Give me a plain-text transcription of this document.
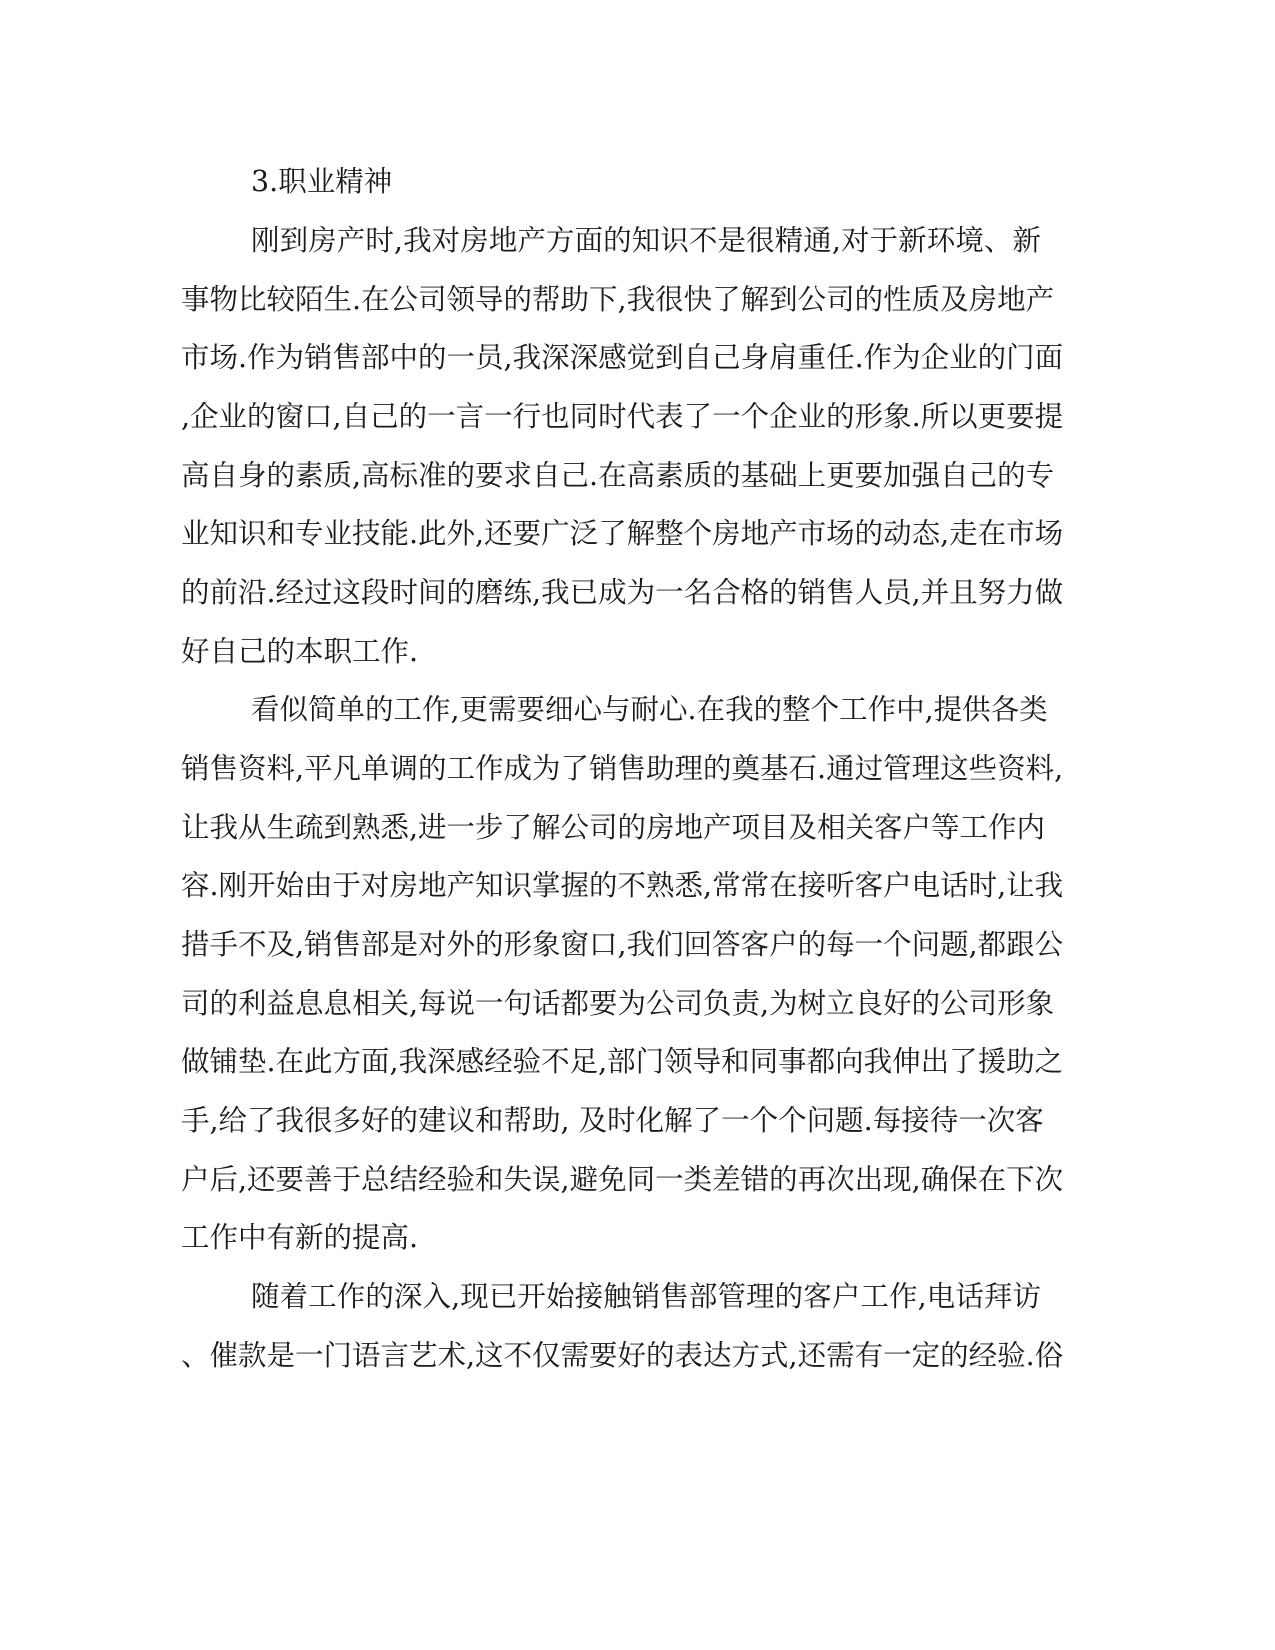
3.职业精神
刚到房产时,我对房地产方面的知识不是很精通,对于新环境、新
事物比较陌生.在公司领导的帮助下,我很快了解到公司的性质及房地产
市场.作为销售部中的一员,我深深感觉到自己身肩重任.作为企业的门面
,企业的窗口,自己的一言一行也同时代表了一个企业的形象.所以更要提
高自身的素质,高标准的要求自己.在高素质的基础上更要加强自己的专
业知识和专业技能.此外,还要广泛了解整个房地产市场的动态,走在市场
的前沿.经过这段时间的磨练,我已成为一名合格的销售人员,并且努力做
好自己的本职工作.
看似简单的工作,更需要细心与耐心.在我的整个工作中,提供各类
销售资料,平凡单调的工作成为了销售助理的奠基石.通过管理这些资料,
让我从生疏到熟悉,进一步了解公司的房地产项目及相关客户等工作内
容.刚开始由于对房地产知识掌握的不熟悉,常常在接听客户电话时,让我
措手不及,销售部是对外的形象窗口,我们回答客户的每一个问题,都跟公
司的利益息息相关,每说一句话都要为公司负责,为树立良好的公司形象
做铺垫.在此方面,我深感经验不足,部门领导和同事都向我伸出了援助之
手,给了我很多好的建议和帮助, 及时化解了一个个问题.每接待一次客
户后,还要善于总结经验和失误,避免同一类差错的再次出现,确保在下次
工作中有新的提高.
随着工作的深入,现已开始接触销售部管理的客户工作,电话拜访
、催款是一门语言艺术,这不仅需要好的表达方式,还需有一定的经验.俗
